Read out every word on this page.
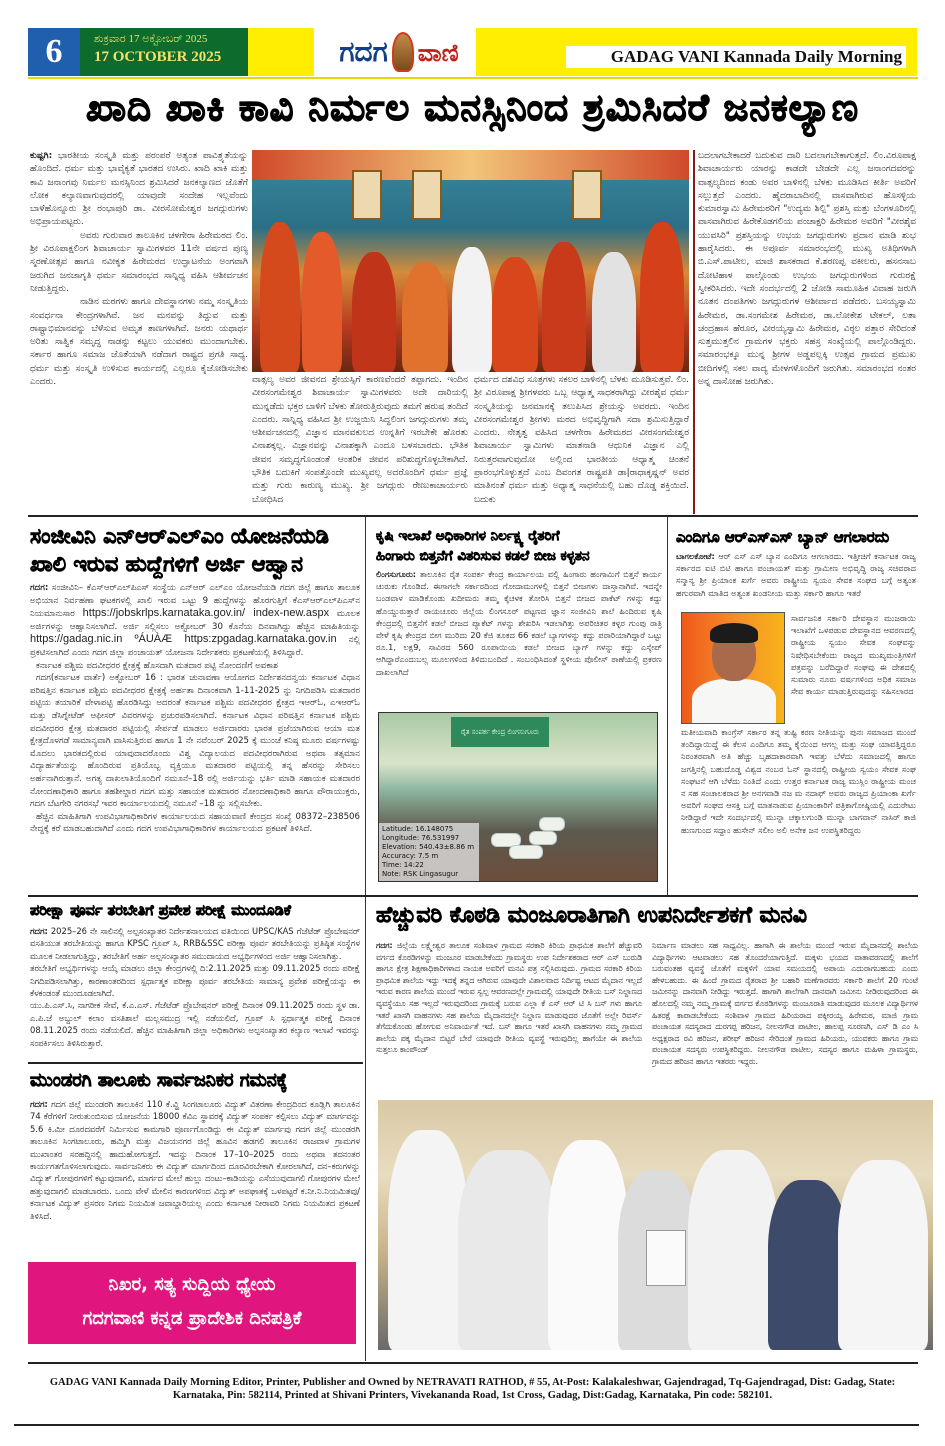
6	ಶುಕ್ರವಾರ 17 ಅಕ್ಟೋಬರ್ 2025
17 OCTOBER 2025	ಗದಗ ವಾಣಿ	GADAG VANI Kannada Daily Morning
ಖಾದಿ ಖಾಕಿ ಕಾವಿ ನಿರ್ಮಲ ಮನಸ್ಸಿನಿಂದ ಶ್ರಮಿಸಿದರೆ ಜನಕಲ್ಯಾಣ

ಕುಷ್ಟಗಿ: ಭಾರತೀಯ ಸಂಸ್ಕೃತಿ ಮತ್ತು ಪರಂಪರೆ ಅತ್ಯಂತ ಪಾವಿತ್ರ್ಯತೆಯನ್ನು ಹೊಂದಿದೆ. ಧರ್ಮ ಮತ್ತು ಭಾವೈಕ್ಯತೆ ಭಾರತದ ಉಸಿರು. ಖಾದಿ ಖಾಕಿ ಮತ್ತು ಕಾವಿ ಜನಾಂಗವು ನಿರ್ಮಲ ಮನಸ್ಸಿನಿಂದ ಶ್ರಮಿಸಿದರೆ ಜನಕಲ್ಯಾಣದ ಜೊತೆಗೆ ಲೋಕ ಕಲ್ಯಾಣವಾಗುವುದರಲ್ಲಿ ಯಾವುದೇ ಸಂದೇಹ ಇಲ್ಲವೆಂದು ಬಾಳೆಹೊನ್ನೂರು ಶ್ರೀ ರಂಭಾಪುರಿ ಡಾ. ವೀರಸೋಮೇಶ್ವರ ಜಗದ್ಗುರುಗಳು ಅಭಿಪ್ರಾಯಪಟ್ಟರು.

ಅವರು ಗುರುವಾರ ತಾಲೂಕಿನ ಚಳಗೇರಾ ಹಿರೇಮಠದ ಲಿಂ. ಶ್ರೀ ವಿರೂಪಾಕ್ಷಲಿಂಗ ಶಿವಾಚಾರ್ಯ ಸ್ವಾಮಿಗಳವರ 11ನೇ ವರ್ಷದ ಪುಣ್ಯ ಸ್ಮರಣೋತ್ಸವ ಹಾಗೂ ನವೀಕೃತ ಹಿರೇಮಠದ ಉದ್ಘಾಟನೆಯ ಅಂಗವಾಗಿ ಜರುಗಿದ ಜನಜಾಗೃತಿ ಧರ್ಮ ಸಮಾರಂಭದ ಸಾನ್ನಿಧ್ಯ ವಹಿಸಿ ಆಶೀರ್ವಚನ ನೀಡುತ್ತಿದ್ದರು.

ನಾಡಿನ ಮಠಗಳು ಹಾಗೂ ದೇವಸ್ಥಾನಗಳು ನಮ್ಮ ಸಂಸ್ಕೃತಿಯ ಸಂವರ್ಧನಾ ಕೇಂದ್ರಗಳಾಗಿವೆ. ಜನ ಮನವನ್ನು ತಿದ್ದುವ ಮತ್ತು ರಾಷ್ಟ್ರಾಭಿಮಾನವನ್ನು ಬೆಳೆಸುವ ಅಮೃತ ತಾಣಗಳಾಗಿವೆ. ಜನರು ಯಥಾರ್ಥ ಅರಿತು ಸಾತ್ವಿಕ ಸಮೃದ್ಧ ನಾಡನ್ನು ಕಟ್ಟಲು ಯುವಕರು ಮುಂದಾಗಬೇಕು. ಸರ್ಕಾರ ಹಾಗೂ ಸಮಾಜ ಜೊತೆಯಾಗಿ ನಡೆದಾಗ ರಾಷ್ಟ್ರದ ಪ್ರಗತಿ ಸಾಧ್ಯ. ಧರ್ಮ ಮತ್ತು ಸಂಸ್ಕೃತಿ ಉಳಿಸುವ ಕಾರ್ಯದಲ್ಲಿ ಎಲ್ಲರೂ ಕೈಜೋಡಿಸಬೇಕು ಎಂದರು.	ವಾತ್ಸಲ್ಯ ಅವರ ಜೀವನದ ಶ್ರೇಯಸ್ಸಿಗೆ ಕಾರಣವೆಂದರೆ ತಪ್ಪಾಗದು. ಇಂದಿನ ವೀರಸಂಗಮೇಶ್ವರ ಶಿವಾಚಾರ್ಯ ಸ್ವಾಮಿಗಳವರು ಅದೇ ದಾರಿಯಲ್ಲಿ ಮುನ್ನಡೆದು ಭಕ್ತರ ಬಾಳಿಗೆ ಬೆಳಕು ತೋರುತ್ತಿರುವುದು ತಮಗೆ ಹರುಷ ತಂದಿದೆ ಎಂದರು. ಸಾನ್ನಿಧ್ಯ ವಹಿಸಿದ ಶ್ರೀ ಉಜ್ಜಯಿನಿ ಸಿದ್ಧಲಿಂಗ ಜಗದ್ಗುರುಗಳು ತಮ್ಮ ಆಶೀರ್ವಚನದಲ್ಲಿ ವಿಜ್ಞಾನ ಮಾನವಕುಲದ ಉನ್ನತಿಗೆ ಇರಬೇಕೇ ಹೊರತು ವಿನಾಶಕ್ಕಲ್ಲ. ವಿಜ್ಞಾನವನ್ನು ವಿನಾಶಕ್ಕಾಗಿ ಎಂದೂ ಬಳಸಬಾರದು. ಭೌತಿಕ ಜೀವನ ಸಮೃದ್ಧಗೊಂಡಂತೆ ಆಂತರಿಕ ಜೀವನ ಪರಿಶುದ್ಧಗೊಳ್ಳಬೇಕಾಗಿದೆ. ಭೌತಿಕ ಬದುಕಿಗೆ ಸಂಪತ್ತೊಂದೇ ಮುಖ್ಯವಲ್ಲ ಅದರೊಂದಿಗೆ ಧರ್ಮ ಪ್ರಜ್ಞೆ ಮತ್ತು ಗುರು ಕಾರುಣ್ಯ ಮುಖ್ಯ. ಶ್ರೀ ಜಗದ್ಗುರು ರೇಣುಕಾಚಾರ್ಯರು ಬೋಧಿಸಿದ
ಧರ್ಮದ ದಶವಿಧ ಸೂತ್ರಗಳು ಸಕಲರ ಬಾಳಿನಲ್ಲಿ ಬೆಳಕು ಮೂಡಿಸುತ್ತವೆ. ಲಿಂ. ಶ್ರೀ ವಿರೂಪಾಕ್ಷ ಶ್ರೀಗಳವರು ಒಬ್ಬ ಆಧ್ಯಾತ್ಮ ಸಾಧಕರಾಗಿದ್ದು ವೀರಶೈವ ಧರ್ಮ ಸಂಸ್ಕೃತಿಯನ್ನು ಜನಮಾನಕ್ಕೆ ತಲುಪಿಸಿದ ಶ್ರೇಯಸ್ಸು ಅವರದು. ಇಂದಿನ ವೀರಸಂಗಮೇಶ್ವರ ಶ್ರೀಗಳು ಮಠದ ಅಭಿವೃದ್ಧಿಗಾಗಿ ಸದಾ ಶ್ರಮಿಸುತ್ತಿದ್ದಾರೆ ಎಂದರು. ನೇತೃತ್ವ ವಹಿಸಿದ ಚಳಗೇರಾ ಹಿರೇಮಠದ ವೀರಸಂಗಮೇಶ್ವರ ಶಿವಾಚಾರ್ಯ ಸ್ವಾಮಿಗಳು ಮಾತನಾಡಿ ಆಧುನಿಕ ವಿಜ್ಞಾನ ಎಲ್ಲಿ ನಿರುತ್ತರವಾಗುವುದೋ ಅಲ್ಲಿಂದ ಭಾರತೀಯ ಆಧ್ಯಾತ್ಮ ಚಿಂತನೆ ಪ್ರಾರಂಭಗೊಳ್ಳುತ್ತದೆ ಎಂಬ ದಿವಂಗತ ರಾಷ್ಟ್ರಪತಿ ಡಾ|ರಾಧಾಕೃಷ್ಣನ್ ಅವರ ಮಾತಿನಂತೆ ಧರ್ಮ ಮತ್ತು ಅಧ್ಯಾತ್ಮ ಸಾಧನೆಯಲ್ಲಿ ಬಹು ದೊಡ್ಡ ಶಕ್ತಿಯಿದೆ. ಬದುಕು
ಬದಲಾಗಬೇಕಾದರೆ ಬದುಕುವ ದಾರಿ ಬದಲಾಗಬೇಕಾಗುತ್ತದೆ. ಲಿಂ.ವಿರೂಪಾಕ್ಷ ಶಿವಾಚಾರ್ಯರು ಯಾರನ್ನು ಕಾಡದೇ ಬೇಡದೇ ಎಲ್ಲ ಜನಾಂಗದವರನ್ನು ವಾತ್ಸಲ್ಯದಿಂದ ಕಂಡು ಅವರ ಬಾಳಿನಲ್ಲಿ ಬೆಳಕು ಮೂಡಿಸಿದ ಕೀರ್ತಿ ಅವರಿಗೆ ಸಲ್ಲುತ್ತದೆ ಎಂದರು. ಹೈದರಾಬಾದಿನಲ್ಲಿ ವಾಸವಾಗಿರುವ ಹೊಸಳ್ಳಿಯ ಕುಮಾರಸ್ವಾಮಿ ಹಿರೇಮಠರಿಗೆ "ಉದ್ಯಮ ಶಿಲ್ಪಿ" ಪ್ರಶಸ್ತಿ ಮತ್ತು ಬೆಂಗಳೂರಿನಲ್ಲಿ ವಾಸವಾಗಿರುವ ಹಿರೇಕೊಡಗಲಿಯ ಪಂಚಾಕ್ಷರಿ ಹಿರೇಮಠ ಅವರಿಗೆ "ವೀರಶೈವ ಯುವಸಿರಿ" ಪ್ರಶಸ್ತಿಯನ್ನು ಉಭಯ ಜಗದ್ಗುರುಗಳು ಪ್ರದಾನ ಮಾಡಿ ಶುಭ ಹಾರೈಸಿದರು. ಈ ಅಪೂರ್ವ ಸಮಾರಂಭದಲ್ಲಿ ಮುಖ್ಯ ಅತಿಥಿಗಳಾಗಿ ಬಿ.ಎಸ್.ಪಾಟೀಲ, ಮಾಜಿ ಶಾಸಕರಾದ ಕೆ.ಶರಣಪ್ಪ ವಕೀಲರು, ಹಸನಸಾಬ ದೋಟಿಹಾಳ ಪಾಲ್ಗೊಂಡು ಉಭಯ ಜಗದ್ಗುರುಗಳಿಂದ ಗುರುರಕ್ಷೆ ಸ್ವೀಕರಿಸಿದರು. ಇದೇ ಸಂದರ್ಭದಲ್ಲಿ 2 ಜೋಡಿ ಸಾಮೂಹಿಕ ವಿವಾಹ ಜರುಗಿ ನೂತನ ದಂಪತಿಗಳು ಜಗದ್ಗುರುಗಳ ಆಶೀರ್ವಾದ ಪಡೆದರು. ಬಸಯ್ಯಸ್ವಾಮಿ ಹಿರೇಮಠ, ಡಾ.ಸಂಗಮೇಶ ಹಿರೇಮಠ, ಡಾ.ಲೋಕೇಶ ಟೇಕಲ್, ಲತಾ ಚಂದ್ರಹಾಸ ಹೆರೂರ, ವೀರಯ್ಯಸ್ವಾಮಿ ಹಿರೇಮಠ, ವಿಠ್ಠಲ ಪತ್ತಾರ ಸೇರಿದಂತೆ ಸುತ್ತಮುತ್ತಲಿನ ಗ್ರಾಮಗಳ ಭಕ್ತರು ಸಹಸ್ರ ಸಂಖ್ಯೆಯಲ್ಲಿ ಪಾಲ್ಗೊಂಡಿದ್ದರು. ಸಮಾರಂಭಕ್ಕೂ ಮುನ್ನ ಶ್ರೀಗಳ ಅಡ್ಡಪಲ್ಲಕ್ಕಿ ಉತ್ಸವ ಗ್ರಾಮದ ಪ್ರಮುಖ ಬೀದಿಗಳಲ್ಲಿ ಸಕಲ ವಾದ್ಯ ಮೇಳಗಳೊಂದಿಗೆ ಜರುಗಿತು. ಸಮಾರಂಭದ ನಂತರ ಅನ್ನ ದಾಸೋಹ ಜರುಗಿತು.
ಸಂಜೀವಿನಿ ಎನ್‌ಆರ್‌ಎಲ್‌ಎಂ ಯೋಜನೆಯಡಿ
ಖಾಲಿ ಇರುವ ಹುದ್ದೆಗಳಿಗೆ ಅರ್ಜಿ ಆಹ್ವಾನ

ಗದಗ: ಸಂಜೀವಿನಿ– ಕೆಎಸ್‌ಆರ್‌ಎಲ್‌ಪಿಎಸ್ ಸಂಸ್ಥೆಯ ಎನ್‌ಆರ್ ಎಲ್‌ಎಂ ಯೋಜನೆಯಡಿ ಗದಗ ಜಿಲ್ಲೆ ಹಾಗೂ ತಾಲೂಕ ಅಭಿಯಾನ ನಿರ್ವಹಣಾ ಘಟಕಗಳಲ್ಲಿ ಖಾಲಿ ಇರುವ ಒಟ್ಟು 9 ಹುದ್ದೆಗಳನ್ನು ಹೊರಗುತ್ತಿಗೆ ಕೆಎಸ್‌ಆರ್‌ಎಲ್‌ಪಿಎಸ್‌ನ ನಿಯಮಾನುಸಾರ https://jobskrlps.karnataka.gov.in/ index-new.aspx ಮೂಲಕ ಅರ್ಜಿಗಳನ್ನು ಆಹ್ವಾನಿಸಲಾಗಿದೆ. ಅರ್ಜಿ ಸಲ್ಲಿಸಲು ಅಕ್ಟೋಬರ್ 30 ಕೊನೆಯ ದಿನವಾಗಿದ್ದು ಹೆಚ್ಚಿನ ಮಾಹಿತಿಯನ್ನು https://gadag.nic.in ºÁUÀÆ https:zpgadag.karnataka.gov.in ನಲ್ಲಿ ಪ್ರಕಟಿಸಲಾಗಿದೆ ಎಂದು ಗದಗ ಜಿಲ್ಲಾ ಪಂಚಾಯತ್ ಯೋಜನಾ ನಿರ್ದೇಶಕರು ಪ್ರಕಟಣೆಯಲ್ಲಿ ತಿಳಿಸಿದ್ದಾರೆ.

ಕರ್ನಾಟಕ ಪಶ್ಚಿಮ ಪದವೀಧರರ ಕ್ಷೇತ್ರಕ್ಕೆ ಹೊಸದಾಗಿ ಮತದಾರ ಪಟ್ಟಿ ನೋಂದಣಿಗೆ ಅವಕಾಶ

ಗದಗ(ಕರ್ನಾಟಕ ವಾರ್ತೆ) ಅಕ್ಟೋಬರ್ 16 : ಭಾರತ ಚುನಾವಣಾ ಆಯೋಗದ ನಿರ್ದೇಶನದನ್ವಯ ಕರ್ನಾಟಕ ವಿಧಾನ ಪರಿಷತ್ತಿನ ಕರ್ನಾಟಕ ಪಶ್ಚಿಮ ಪದವೀಧರರ ಕ್ಷೇತ್ರಕ್ಕೆ ಅರ್ಹತಾ ದಿನಾಂಕವಾಗಿ 1-11-2025 ನ್ನು ನಿಗದಿಪಡಿಸಿ ಮತದಾರರ ಪಟ್ಟಿಯ ತಯಾರಿಕೆ ವೇಳಾಪಟ್ಟಿ ಹೊರಡಿಸಿದ್ದು ಅದರಂತೆ ಕರ್ನಾಟಕ ಪಶ್ಚಿಮ ಪದವೀಧರರ ಕ್ಷೇತ್ರದ ಇಆರ್‌ಓ, ಎಇಆರ್‌ಓ ಮತ್ತು ಡೆಸಿಗ್ನೇಟೆಡ್ ಆಫೀಸರ್ ವಿವರಗಳನ್ನು ಪ್ರಚುರಪಡಿಸಲಾಗಿದೆ. ಕರ್ನಾಟಕ ವಿಧಾನ ಪರಿಷತ್ತಿನ ಕರ್ನಾಟಕ ಪಶ್ಚಿಮ ಪದವೀಧರರ ಕ್ಷೇತ್ರ ಮತದಾರರ ಪಟ್ಟಿಯಲ್ಲಿ ಸೇರ್ಪಡೆ ಮಾಡಲು ಅರ್ಜಿದಾರರು ಭಾರತ ಪ್ರಜೆಯಾಗಿರುವ ಆಯಾ ಮತ ಕ್ಷೇತ್ರದೊಳಗಡೆ ಸಾಮಾನ್ಯವಾಗಿ ವಾಸಿಸುತ್ತಿರುವ ಹಾಗೂ 1 ನೇ ನವೆಂಬರ್ 2025 ಕ್ಕೆ ಮುಂಚೆ ಕನಿಷ್ಠ ಮೂರು ವರ್ಷಗಳಷ್ಟು ಮೊದಲು ಭಾರತದಲ್ಲಿರುವ ಯಾವುದಾದರೊಂದು ವಿಶ್ವ ವಿದ್ಯಾಲಯದ ಪದವೀಧರರಾಗಿರುವ ಅಥವಾ ತತ್ಸಮಾನ ವಿದ್ಯಾರ್ಹತೆಯನ್ನು ಹೊಂದಿರುವ ಪ್ರತಿಯೊಬ್ಬ ವ್ಯಕ್ತಿಯೂ ಮತದಾರರ ಪಟ್ಟಿಯಲ್ಲಿ ತನ್ನ ಹೆಸರನ್ನು ಸೇರಿಸಲು ಅರ್ಹನಾಗಿರುತ್ತಾನೆ. ಅಗತ್ಯ ದಾಖಲಾತಿಯೊಂದಿಗೆ ನಮೂನೆ–18 ರಲ್ಲಿ ಅರ್ಜಿಯನ್ನು ಭರ್ತಿ ಮಾಡಿ ಸಹಾಯಕ ಮತದಾರರ ನೋಂದಣಾಧಿಕಾರಿ ಹಾಗೂ ತಹಶೀಲ್ದಾರ ಗದಗ ಮತ್ತು ಸಹಾಯಕ ಮತದಾರರ ನೋಂದಣಾಧಿಕಾರಿ ಹಾಗೂ ಪೌರಾಯುಕ್ತರು, ಗದಗ ಬೆಟಗೇರಿ ನಗರಸಭೆ ಇವರ ಕಾರ್ಯಾಲಯದಲ್ಲಿ ನಮೂನೆ –18 ನ್ನು ಸಲ್ಲಿಸಬೇಕು.

ಹೆಚ್ಚಿನ ಮಾಹಿತಿಗಾಗಿ ಉಪವಿಭಾಗಾಧಿಕಾರಿಗಳ ಕಾರ್ಯಾಲಯದ ಸಹಾಯವಾಣಿ ಕೇಂದ್ರದ ಸಂಖ್ಯೆ 08372–238506 ನೇದ್ದಕ್ಕೆ ಕರೆ ಮಾಡಬಹುದಾಗಿದೆ ಎಂದು ಗದಗ ಉಪವಿಭಾಗಾಧಿಕಾರಿಗಳ ಕಾರ್ಯಾಲಯದ ಪ್ರಕಟಣೆ ತಿಳಿಸಿದೆ.

ಕೃಷಿ ಇಲಾಖೆ ಅಧಿಕಾರಿಗಳ ನಿರ್ಲಕ್ಷ್ಯ ರೈತರಿಗೆ
ಹಿಂಗಾರು ಬಿತ್ತನೆಗೆ ವಿತರಿಸುವ ಕಡಲೆ ಬೀಜ ಕಳ್ಳತನ
ಲಿಂಗಸುಗೂರು: ತಾಲೂಕಿನ ರೈತ ಸಂಪರ್ಕ ಕೇಂದ್ರ ಕಾರ್ಯಾಲಯ ವಲ್ಲಿ ಹಿಂಗಾರು ಹಂಗಾಮಿಗೆ ಬಿತ್ತನೆ ಕಾರ್ಯ ಚುರುಕು ಗೊಂಡಿದೆ. ಈಗಾಗಲೇ ಸರ್ಕಾರದಿಂದ ಗೋದಾಮುಗಳಲ್ಲಿ ಬಿತ್ತನೆ ಬೀಜಗಳು ದಾಸ್ತಾನಾಗಿವೆ. ಇದನ್ನೇ ಬಂಡವಾಳ ಮಾಡಿಕೊಂಡು ಖದೀಮರು ತಮ್ಮ ಕೈಚಳಕ ತೋರಿಸಿ ಬಿತ್ತನೆ ಬೀಜದ ಪಾಕೆಟ್ ಗಳನ್ನು ಕದ್ದು ಹೊಯ್ದುರುತ್ತಾರೆ ರಾಯಚೂರು ಜಿಲ್ಲೆಯ ಲಿಂಗಸೂರ್ ಪಟ್ಟಣದ ಜ್ಞಾನ ಸಂಜೀವಿನಿ ಶಾಲೆ ಹಿಂದಿರುವ ಕೃಷಿ ಕೇಂದ್ರದಲ್ಲಿ ಬಿತ್ತನೆಗೆ ಕಡಲೆ ಬೀಜದ ಪ್ಯಾಕೆಟ್ ಗಳನ್ನು ಶೇಖರಿಸಿ ಇಡಲಾಗಿತ್ತು ಅಪರಿಚಿತರ ಕಳ್ಳರ ಗುಂಪು ರಾತ್ರಿ ವೇಳೆ ಕೃಷಿ ಕೇಂದ್ರದ ಬೀಗ ಮುರಿದು 20 ಕೆಜಿ ತೂಕದ 66 ಕಡಲೆ ಬ್ಯಾಗಗಳನ್ನು ಕದ್ದು ಪರಾರಿಯಾಗಿದ್ದಾರೆ ಒಟ್ಟು ರೂ.1, ಲಕ್ಷ9, ಸಾವಿರದ 560 ರೂಪಾಯಿಯ ಕಡಲೆ ಬೀಜದ ಬ್ಯಾಗ್ ಗಳನ್ನು ಕದ್ದು ಎಸ್ಕೇಪ್ ಆಗಿದ್ದಾರೆಎಂದುಬಲ್ಲ ಮೂಲಗಳಿಂದ ತಿಳಿದುಬಂದಿದೆ . ಸಂಬಂಧಿಸಿದಂತೆ ಸ್ಥಳೀಯ ಪೊಲೀಸ್ ಠಾಣೆಯಲ್ಲಿ ಪ್ರಕರಣ ದಾಖಲಾಗಿದೆ
ರೈತ ಸಂಪರ್ಕ ಕೇಂದ್ರ ಲಿಂಗಸುಗೂರು
Latitude: 16.148075
Longitude: 76.531997
Elevation: 540.43±8.86 m
Accuracy: 7.5 m
Time: 14:22
Note: RSK Lingasugur
ಎಂದಿಗೂ ಆರ್‌ಎಸ್‌ಎಸ್ ಬ್ಯಾನ್ ಆಗಲಾರದು
ಬಾಗಲಕೋಟೆ: ಆರ್ ಎಸ್ ಎಸ್ ಬ್ಯಾನ ಎಂದಿಗೂ ಆಗಲಾರದು. ಇತ್ತೀಚಿಗೆ ಕರ್ನಾಟಕ ರಾಜ್ಯ ಸರ್ಕಾರದ ಐಟಿ ಬಿಟಿ ಹಾಗೂ ಪಂಚಾಯತ್ ಮತ್ತು ಗ್ರಾಮೀಣ ಅಭಿವೃದ್ಧಿ ರಾಜ್ಯ ಸಚಿವರಾದ ಸನ್ಮಾನ್ಯ ಶ್ರೀ ಪ್ರಿಯಾಂಕ ಖರ್ಗೆ ಅವರು ರಾಷ್ಟ್ರೀಯ ಸ್ವಯಂ ಸೇವಕ ಸಂಘದ ಬಗ್ಗೆ ಅತ್ಯಂತ ಹಗುರವಾಗಿ ಮಾತಿದ ಅತ್ಯಂತ ಖಂಡನೀಯ ಮತ್ತು ಸರ್ಕಾರಿ ಹಾಗೂ ಇತರೆ
ಸಾರ್ವಜನಿಕ ಸರ್ಕಾರಿ ದೇವಸ್ಥಾನ ಮುಜರಾಯಿ ಇಲಾಖೆಗೆ ಒಳಪಡುವ ದೇವಸ್ಥಾನದ ಆವರಣದಲ್ಲಿ ರಾಷ್ಟ್ರೀಯ ಸ್ವಯಂ ಸೇವಕ ಸಂಘವನ್ನು ನಿಷೇಧಿಸಬೇಕೆಂದು ರಾಜ್ಯದ ಮುಖ್ಯಮಂತ್ರಿಗಳಿಗೆ ಪತ್ರವನ್ನು ಬರೆದಿದ್ದಾರೆ ಸಂಘವು ಈ ದೇಶದಲ್ಲಿ ಸುಮಾರು ನೂರು ವರ್ಷಗಳಿಂದ ಅಧಿಕ ಸಮಾಜ ಸೇವ ಕಾರ್ಯ ಮಾಡುತ್ತಿರುವುದನ್ನು ಸಹಿಸಲಾರದ
ಮತೀಯವಾದಿ ಕಾಂಗ್ರೆಸ್ ಸರ್ಕಾರ ತನ್ನ ತುಷ್ಟಿ ಕರಣ ನೀತಿಯನ್ನು ಪುನಃ ಸಮಾಜದ ಮುಂದೆ ತಂದಿದ್ದಾಯಿದ್ದೆ ಈ ಕೆಲಸ ಎಂದಿಗೂ ತಮ್ಮ ಕೈಯಿಂದ ಆಗಲ್ಲ ಮತ್ತು ಸಂಘ ಯಾವತ್ತಿದ್ದರೂ ನಿರಂತರವಾಗಿ ಅತಿ ಹೆಚ್ಚು ಬೃಹದಾಕಾರವಾಗಿ ಇವತ್ತು ಬೆಳೆದು ಸಮಾಜದಲ್ಲಿ ಹಾಗೂ ಜಗತ್ತಿನಲ್ಲಿ ಬಹುದೊಡ್ಡ ವಿಶ್ವದ ನಂಬರ ಓನ್ ಸ್ಥಾನದಲ್ಲಿ ರಾಷ್ಟ್ರೀಯ ಸ್ವಯಂ ಸೇವಕ ಸಂಘ ಸಂಘಟನೆ ಆಗಿ ಬೆಳೆದು ನಿಂತಿದೆ ಎಂದು ಉತ್ತರ ಕರ್ನಾಟಕ ರಾಜ್ಯ ಮುಸ್ಲಿಂ ರಾಷ್ಟ್ರೀಯ ಮಂಚ ನ ಸಹ ಸಂಚಾಲಕರಾದ ಶ್ರೀ ಅನಗವಾಡಿ ನಜ ಮ ನದಾಫ್ ಅವರು ರಾಜ್ಯದ ಪ್ರಿಯಾಂಕಾ ಖರ್ಗೆ ಅವರಿಗೆ ಸಂಘದ ಆಸಕ್ತಿ ಬಗ್ಗೆ ಮಾತನಾಡುವ ಪ್ರಿಯಾಂಕಾರಿಗೆ ಪತ್ರಿಕಾಗೋಷ್ಠಿಯಲ್ಲಿ ಎದುರೇಟು ನೀಡಿದ್ದಾರೆ ಇದೇ ಸಂದರ್ಭದಲ್ಲಿ ಮುನ್ನಾ ಚಕ್ಕಾಲಗುಂಡಿ ಮುನ್ನಾ ಬಾಗವಾನ್ ನಾಸಿರ್ ಕಾಜಿ ಹುಣಗುಂದ ಸದ್ದಾಂ ಹುಸೇನ್ ಸಲೀಂ ಅಲಿ ಅನೇಕ ಜನ ಉಪಸ್ಥಿತರಿದ್ದರು
ಪರೀಕ್ಷಾ ಪೂರ್ವ ತರಬೇತಿಗೆ ಪ್ರವೇಶ ಪರೀಕ್ಷೆ ಮುಂದೂಡಿಕೆ

ಗದಗ: 2025–26 ನೇ ಸಾಲಿನಲ್ಲಿ ಅಲ್ಪಸಂಖ್ಯಾತರ ನಿರ್ದೇಶನಾಲಯದ ವತಿಯಿಂದ UPSC/KAS ಗೆಜೆಟೆಡ್ ಪ್ರೊಬೇಷನರ್ ವಸತಿಯುತ ತರಬೇತಿಯನ್ನು ಹಾಗೂ KPSC ಗ್ರೂಪ್ ಸಿ, RRB&SSC ಪರೀಕ್ಷಾ ಪೂರ್ವ ತರಬೇತಿಯನ್ನು ಪ್ರತಿಷ್ಠಿತ ಸಂಸ್ಥೆಗಳ ಮೂಲಕ ನೀಡಲಾಗುತ್ತಿದ್ದು, ತರಬೇತಿಗೆ ಅರ್ಹ ಅಲ್ಪಸಂಖ್ಯಾತರ ಸಮುದಾಯದ ಅಭ್ಯರ್ಥಿಗಳಿಂದ ಅರ್ಜಿ ಆಹ್ವಾನಿಸಲಾಗಿತ್ತು.

ತರಬೇತಿಗೆ ಅಭ್ಯರ್ಥಿಗಳನ್ನು ಆಯ್ಕೆ ಮಾಡಲು ಜಿಲ್ಲಾ ಕೇಂದ್ರಗಳಲ್ಲಿ ದಿ:2.11.2025 ಮತ್ತು 09.11.2025 ರಂದು ಪರೀಕ್ಷೆ ನಿಗದಿಪಡಿಸಲಾಗಿತ್ತು, ಕಾರಣಾಂತರದಿಂದ ಸ್ಪರ್ಧಾತ್ಮಕ ಪರೀಕ್ಷಾ ಪೂರ್ವ ತರಬೇತಿಯ ಸಾಮಾನ್ಯ ಪ್ರವೇಶ ಪರೀಕ್ಷೆಯನ್ನು ಈ ಕೆಳಕಂಡಂತೆ ಮುಂದೂಡಲಾಗಿದೆ.

ಯು.ಪಿ.ಎಸ್.ಸಿ, ನಾಗರೀಕ ಸೇವೆ, ಕೆ.ಎ.ಎಸ್. ಗೆಜೆಟೆಡ್ ಪ್ರೊಬೇಷನರ್ ಪರೀಕ್ಷೆ ದಿನಾಂಕ 09.11.2025 ರಂದು ಸ್ಥಳ ಡಾ. ಎ.ಪಿ.ಜೆ ಅಬ್ದುಲ್ ಕಲಾಂ ವಸತಿಶಾಲೆ ಮಲ್ಲಸಮುದ್ರ ಇಲ್ಲಿ ನಡೆಯಲಿದೆ, ಗ್ರೂಪ್ ಸಿ ಸ್ಪರ್ಧಾತ್ಮಕ ಪರೀಕ್ಷೆ ದಿನಾಂಕ 08.11.2025 ರಂದು ನಡೆಯಲಿದೆ. ಹೆಚ್ಚಿನ ಮಾಹಿತಿಗಾಗಿ ಜಿಲ್ಲಾ ಅಧಿಕಾರಿಗಳು ಅಲ್ಪಸಂಖ್ಯಾತರ ಕಲ್ಯಾಣ ಇಲಾಖೆ ಇವರನ್ನು ಸಂಪರ್ಕಿಸಲು ತಿಳಿಸಿರುತ್ತಾರೆ.

ಮುಂಡರಗಿ ತಾಲೂಕು ಸಾರ್ವಜನಿಕರ ಗಮನಕ್ಕೆ
ಗದಗ: ಗದಗ ಜಿಲ್ಲೆ ಮುಂಡರಗಿ ತಾಲೂಕಿನ 110 ಕೆ.ವ್ಹಿ ಸಿಂಗಟಾಲೂರು ವಿದ್ಯುತ್ ವಿತರಣಾ ಕೇಂದ್ರದಿಂದ ಕೂಡ್ಲಿಗಿ ತಾಲೂಕಿನ 74 ಕೆರೆಗಳಿಗೆ ನೀರುತುಂಬಿಸುವ ಯೋಜನೆಯ 18000 ಕೆವಿಎ ಸ್ಥಾವರಕ್ಕೆ ವಿದ್ಯುತ್ ಸಂಪರ್ಕ ಕಲ್ಪಿಸಲು ವಿದ್ಯುತ್ ಮಾರ್ಗವನ್ನು 5.6 ಕಿ.ಮೀ ದೂರದವರೆಗೆ ನಿರ್ಮಿಸುವ ಕಾಮಗಾರಿ ಪೂರ್ಣಗೊಂಡಿದ್ದು ಈ ವಿದ್ಯುತ್ ಮಾರ್ಗವು ಗದಗ ಜಿಲ್ಲೆ ಮುಂಡರಗಿ ತಾಲೂಕಿನ ಸಿಂಗಟಾಲೂರು, ಹಮ್ಮಿಗಿ ಮತ್ತು ವಿಜಯನಗರ ಜಿಲ್ಲೆ ಹೂವಿನ ಹಡಗಲಿ ತಾಲೂಕಿನ ರಾಜವಾಳ ಗ್ರಾಮಗಳ ಮುಖಾಂತರ ಸರಹದ್ದಿನಲ್ಲಿ ಹಾದುಹೋಗುತ್ತದೆ. ಇದನ್ನು ದಿನಾಂಕ 17–10–2025 ರಂದು ಅಥವಾ ತದನಂತರ ಕಾರ್ಯಗತಗೊಳಿಸಲಾಗುವುದು. ಸಾರ್ವಜನಿಕರು ಈ ವಿದ್ಯುತ್ ಮಾರ್ಗದಿಂದ ದೂರವಿರಬೇಕಾಗಿ ಕೋರಲಾಗಿದೆ, ದನ–ಕರುಗಳನ್ನು ವಿದ್ಯುತ್ ಗೋಪುರಗಳಿಗೆ ಕಟ್ಟುವುದಾಗಲಿ, ಮಾರ್ಗದ ಮೇಲೆ ಹುಲ್ಲು ದಂಟು–ಕಾಡಿಯನ್ನು ಎಸೆಯುವುದಾಗಲಿ ಗೋಪುರಗಳ ಮೇಲೆ ಹತ್ತುವುದಾಗಲಿ ಮಾಡಬಾರದು. ಒಂದು ವೇಳೆ ಮೇಲಿನ ಕಾರಣಗಳಿಂದ ವಿದ್ಯುತ್ ಅಪಘಾತಕ್ಕೆ ಒಳಪಟ್ಟರೆ ಕ.ನೀ.ನಿ.ನಿಯಮಿತವು/ ಕರ್ನಾಟಕ ವಿದ್ಯುತ್ ಪ್ರಸರಣ ನಿಗಮ ನಿಯಮಿತ ಜವಾಬ್ದಾರಿಯಲ್ಲ ಎಂದು ಕರ್ನಾಟಕ ನೀರಾವರಿ ನಿಗಮ ನಿಯಮಿತದ ಪ್ರಕಟಣೆ ತಿಳಿಸಿದೆ.
ನಿಖರ, ಸತ್ಯ ಸುದ್ದಿಯ ಧ್ಯೇಯ
ಗದಗವಾಣಿ ಕನ್ನಡ ಪ್ರಾದೇಶಿಕ ದಿನಪತ್ರಿಕೆ
ಹೆಚ್ಚುವರಿ ಕೊಠಡಿ ಮಂಜೂರಾತಿಗಾಗಿ ಉಪನಿರ್ದೇಶಕಗೆ ಮನವಿ
ಗದಗ: ಜಿಲ್ಲೆಯ ಲಕ್ಷ್ಮೇಶ್ವರ ತಾಲೂಕ ಸಂಶಿವಾಳ ಗ್ರಾಮದ ಸರಕಾರಿ ಕಿರಿಯ ಪ್ರಾಥಮಿಕ ಶಾಲೆಗೆ ಹೆಚ್ಚುವರಿ ವರ್ಗದ ಕೊಠಡಿಗಳನ್ನು ಮಂಜೂರ ಮಾಡಬೇಕೆಂದು ಗ್ರಾಮಸ್ಥರು ಉಪ ನಿರ್ದೇಶಕರಾದ ಆರ್ ಎಸ್ ಬುರುಡಿ ಹಾಗೂ ಕ್ಷೇತ್ರ ಶಿಕ್ಷಣಾಧಿಕಾರಿಗಳಾದ ನಾಯಕ ಅವರಿಗೆ ಮನವಿ ಪತ್ರ ಸಲ್ಲಿಸಿರುವುದು. ಗ್ರಾಮದ ಸರಕಾರಿ ಕಿರಿಯ ಪ್ರಾಥಮಿಕ ಶಾಲೆಯ ಇದ್ದು ಇದಕ್ಕೆ ತನ್ನದ ಆಗಿರುವ ಯಾವುದೇ ವಿಶಾಲವಾದ ನಿರ್ದಿಷ್ಟ ಆಟದ ಮೈದಾನ ಇಲ್ಲದೆ ಇರುವ ಕಾರಣ ಶಾಲೆಯ ಮುಂದೆ ಇರುವ ಸ್ವಲ್ಪ ಆವರಣದಲ್ಲೇ ಗ್ರಾಮದಲ್ಲಿ ಯಾವುದೇ ರೀತಿಯ ಬಸ್ ನಿಲ್ದಾಣದ ವ್ಯವಸ್ಥೆಯೂ ಸಹ ಇಲ್ಲದೆ ಇರುವುದರಿಂದ ಗ್ರಾಮಕ್ಕೆ ಬರುವ ಎಲ್ಲಾ ಕೆ ಎಸ್ ಆರ್ ಟಿ ಸಿ ಬಸ್ ಗಳು ಹಾಗೂ ಇತರೆ ಖಾಸಗಿ ವಾಹನಗಳು ಸಹ ಶಾಲೆಯ ಮೈದಾನದಲ್ಲೇ ನಿಲ್ದಾಣ ಮಾಡುವುದರ ಜೊತೆಗೆ ಅಲ್ಲೇ ರಿವರ್ಸ್ ತೆಗೆದುಕೊಂಡು ಹೋಗುವ ಅನಿವಾರ್ಯತೆ ಇದೆ. ಬಸ್ ಹಾಗೂ ಇತರೆ ಖಾಸಗಿ ವಾಹನಗಳು ನಮ್ಮ ಗ್ರಾಮದ ಶಾಲೆಯ ಪಕ್ಕ ಮೈದಾನ ಬಿಟ್ಟರೆ ಬೇರೆ ಯಾವುದೇ ರೀತಿಯ ವ್ಯವಸ್ಥೆ ಇರುವುದಿಲ್ಲ ಹಾಗೆಯೇ ಈ ಶಾಲೆಯ ಸುತ್ತಲೂ ಕಾಂಪೌಂಡ್
ನಿರ್ಮಾಣ ಮಾಡಲು ಸಹ ಸಾಧ್ಯವಿಲ್ಲ. ಹಾಗಾಗಿ ಈ ಶಾಲೆಯ ಮುಂದೆ ಇರುವ ಮೈದಾನದಲ್ಲಿ ಶಾಲೆಯ ವಿದ್ಯಾರ್ಥಿಗಳು ಆಟವಾಡಲು ಸಹ ತೊಂದರೆಯಾಗುತ್ತಿದೆ. ಮಕ್ಕಳು ಭಯದ ವಾತಾವರಣದಲ್ಲಿ ಶಾಲೆಗೆ ಬರುವಂತಹ ವ್ಯವಸ್ಥೆ ಜೊತೆಗೆ ಮಕ್ಕಳಿಗೆ ಯಾವ ಸಮಯದಲ್ಲಿ ಅಪಾಯ ಎದುರಾಗಬಹುದು ಎಂದು ಹೇಳಬಹುದು. ಈ ಹಿಂದೆ ಗ್ರಾಮದ ರೈತರಾದ ಶ್ರೀ ಬಹಾರಿ ಮಣೆಗಾರವರು ಸರ್ಕಾರಿ ಶಾಲೆಗೆ 20 ಗುಂಟೆ ಜಮೀನನ್ನು ದಾನವಾಗಿ ನೀಡಿದ್ದು ಇರುತ್ತದೆ. ಹಾಗಾಗಿ ಶಾಲೆಗಾಗಿ ದಾನವಾಗಿ ಜಮೀನು ನೀಡಿರುವುದರಿಂದ ಈ ಹೊಲದಲ್ಲಿ ನಮ್ಮ ನಮ್ಮ ಗ್ರಾಮಕ್ಕೆ ವರ್ಗದ ಕೊಠಡಿಗಳನ್ನು ಮಂಜೂರಾತಿ ಮಾಡುವುದರ ಮೂಲಕ ವಿದ್ಯಾರ್ಥಿಗಳ ಹಿತರಕ್ಷೆ ಕಾಪಾಡಬೇಕೆಂದು ಸಂಶಿವಾಳ ಗ್ರಾಮದ ಹಿರಿಯರಾದ ಪಕ್ಕೀರಯ್ಯ ಹಿರೇಮಠ, ಮಾಜಿ ಗ್ರಾಮ ಪಂಚಾಯತ ಸದಸ್ಯರಾದ ದುರಗಪ್ಪ ಹರಿಜನ, ನೀಲನಗೌಡ ಪಾಟೀಲ, ಹಾಲಪ್ಪ ಸೂರಣಗಿ, ಎಸ್ ಡಿ ಎಂ ಸಿ ಅಧ್ಯಕ್ಷರಾದ ರವಿ ಹರಿಜನ, ಶರೀಫ್ ಹರಿಜನ ಸೇರಿದಂತೆ ಗ್ರಾಮದ ಹಿರಿಯರು, ಯುವಕರು ಹಾಗೂ ಗ್ರಾಮ ಪಂಚಾಯತ ಸದಸ್ಯರು ಉಪಸ್ಥಿತರಿದ್ದರು. ನೀಲನಗೌಡ ಪಾಟೀಲ, ಸದಸ್ಯರ ಹಾಗೂ ಮಹಿಳಾ ಗ್ರಾಮಸ್ಥರು, ಗ್ರಾಮದ ಹರಿಜನ ಹಾಗೂ ಇತರರು ಇದ್ದರು.
GADAG VANI Kannada Daily Morning Editor, Printer, Publisher and Owned by NETRAVATI RATHOD, # 55, At-Post: Kalakaleshwar, Gajendragad, Tq-Gajendragad, Dist: Gadag, State: Karnataka, Pin: 582114, Printed at Shivani Printers, Vivekananda Road, 1st Cross, Gadag, Dist:Gadag, Karnataka, Pin code: 582101.
